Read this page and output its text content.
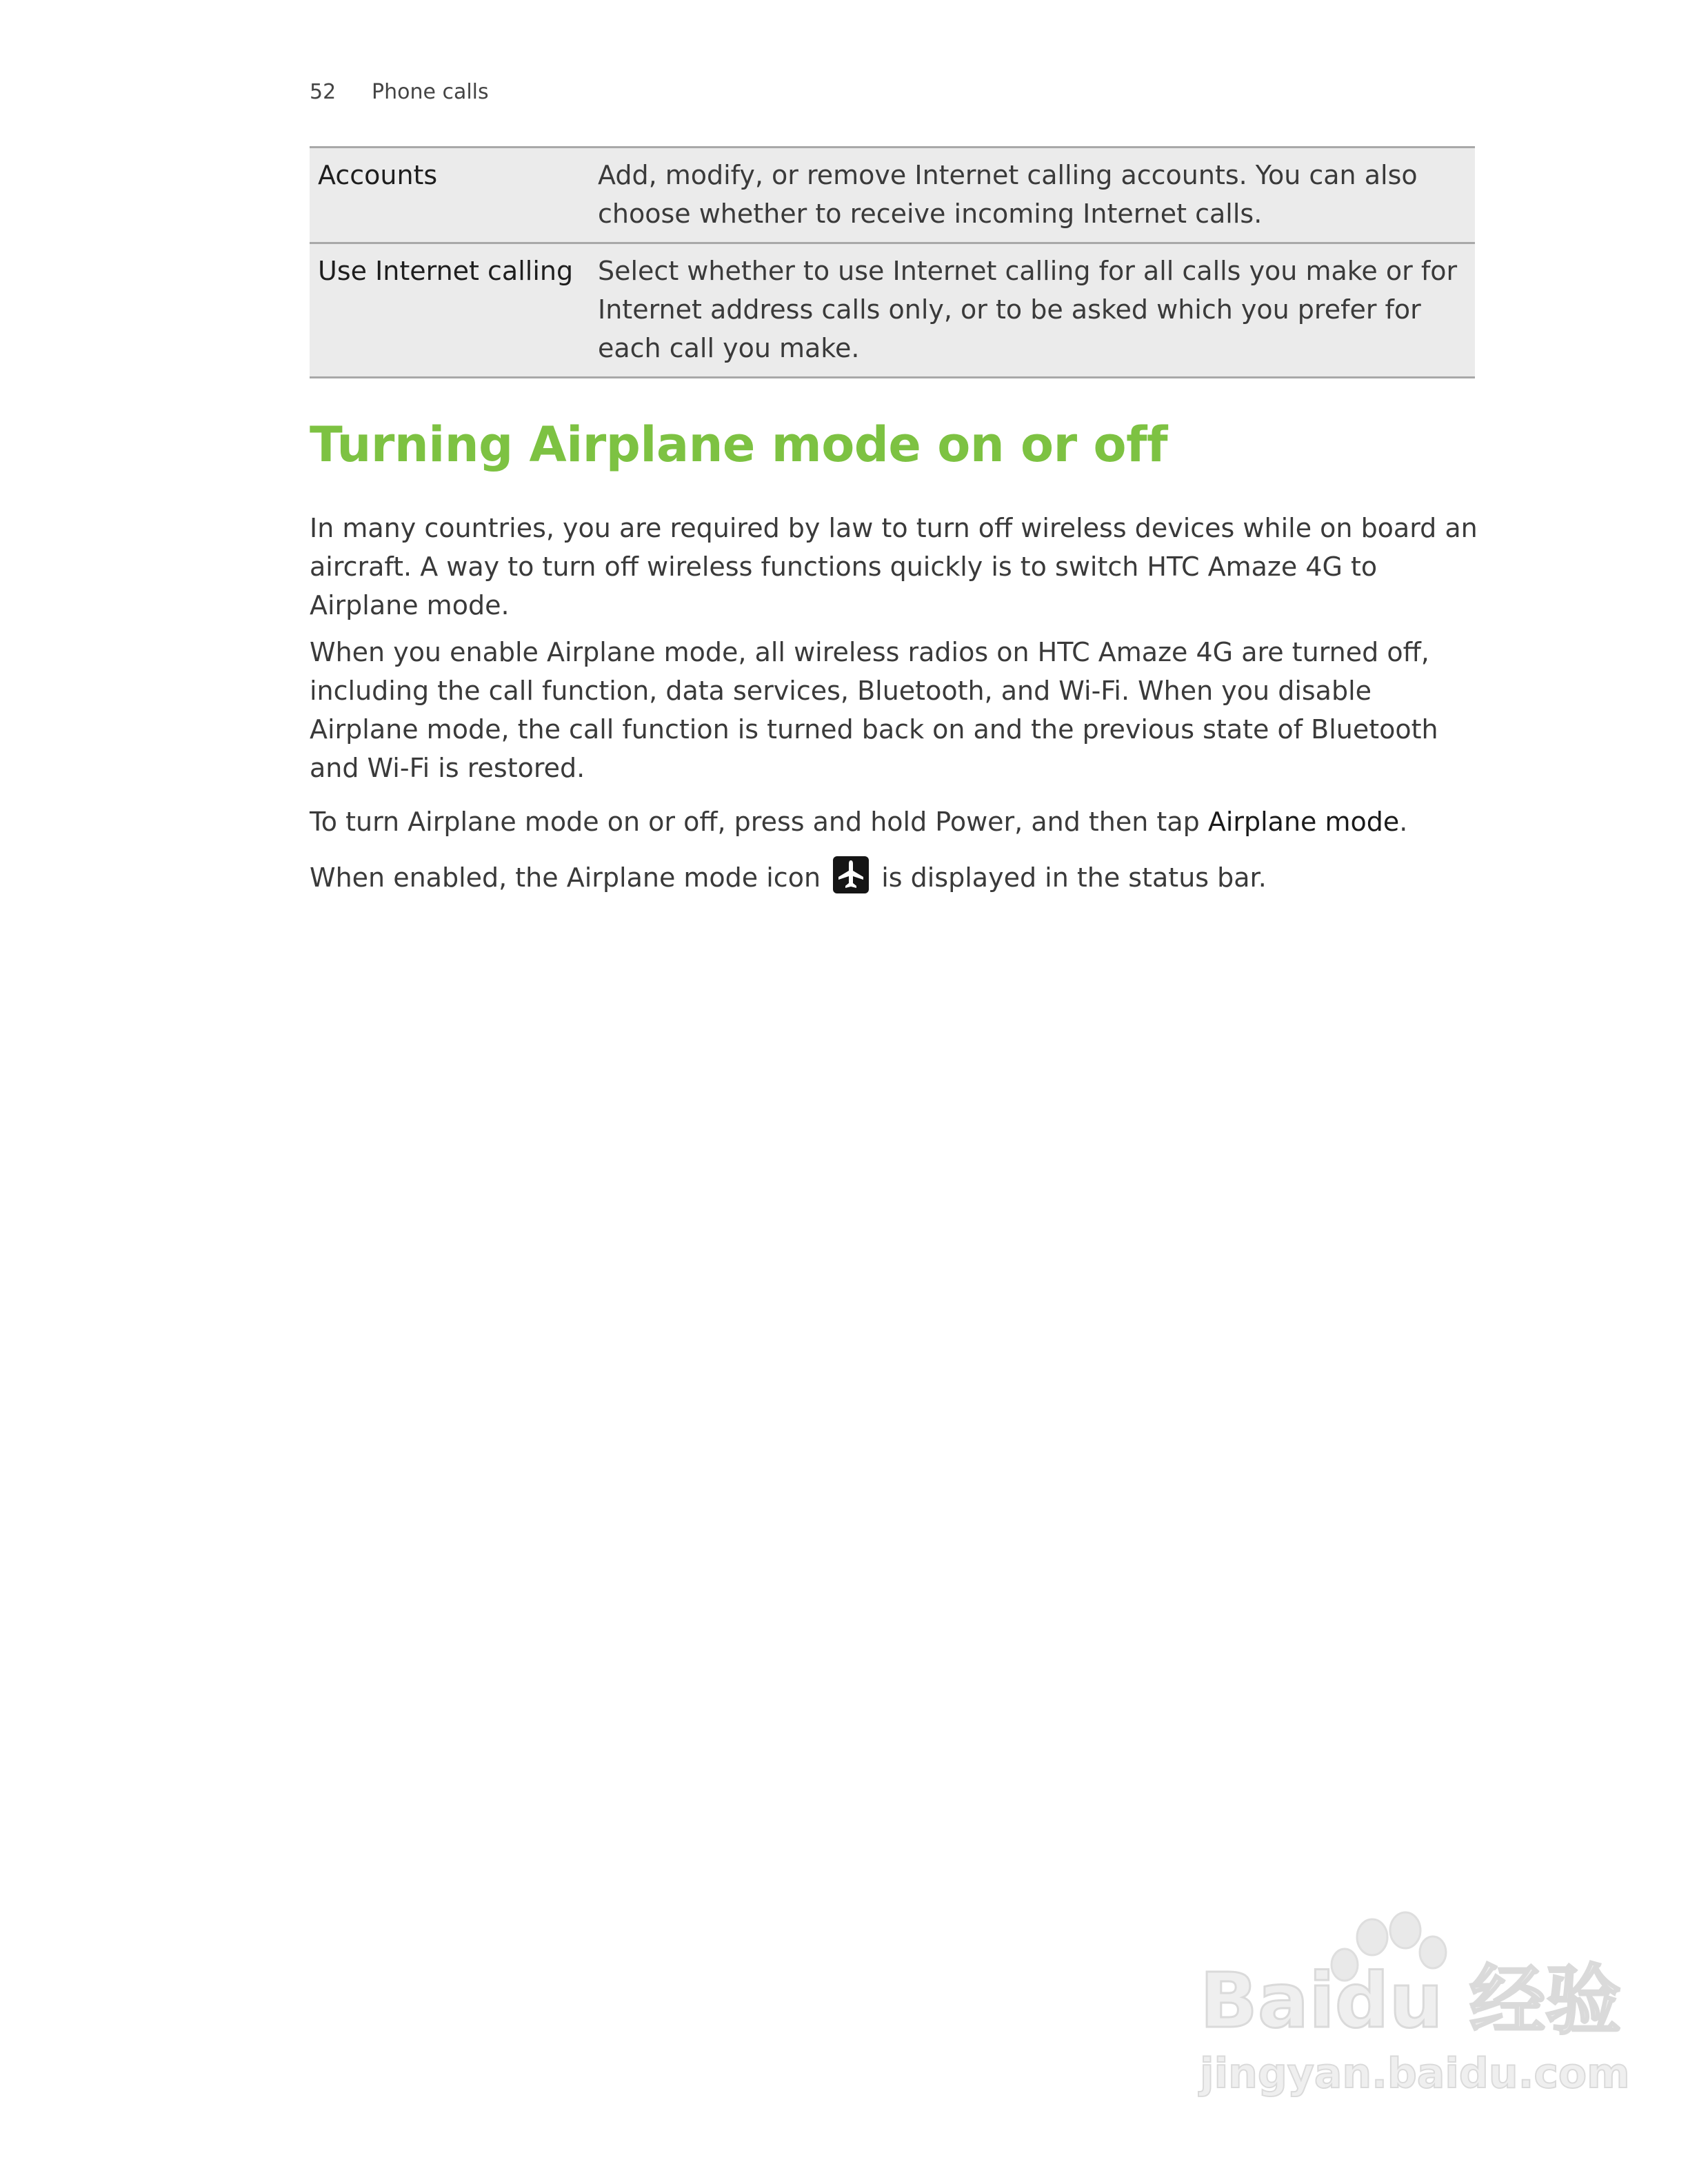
52 Phone calls
Accounts	Add, modify, or remove Internet calling accounts. You can also choose whether to receive incoming Internet calls.
Use Internet calling	Select whether to use Internet calling for all calls you make or for Internet address calls only, or to be asked which you prefer for each call you make.
Turning Airplane mode on or off

In many countries, you are required by law to turn off wireless devices while on board an aircraft. A way to turn off wireless functions quickly is to switch HTC Amaze 4G to Airplane mode.

When you enable Airplane mode, all wireless radios on HTC Amaze 4G are turned off, including the call function, data services, Bluetooth, and Wi-Fi. When you disable Airplane mode, the call function is turned back on and the previous state of Bluetooth and Wi-Fi is restored.

To turn Airplane mode on or off, press and hold Power, and then tap Airplane mode.

When enabled, the Airplane mode icon
is displayed in the status bar.

Baidu 经验
jingyan.baidu.com
